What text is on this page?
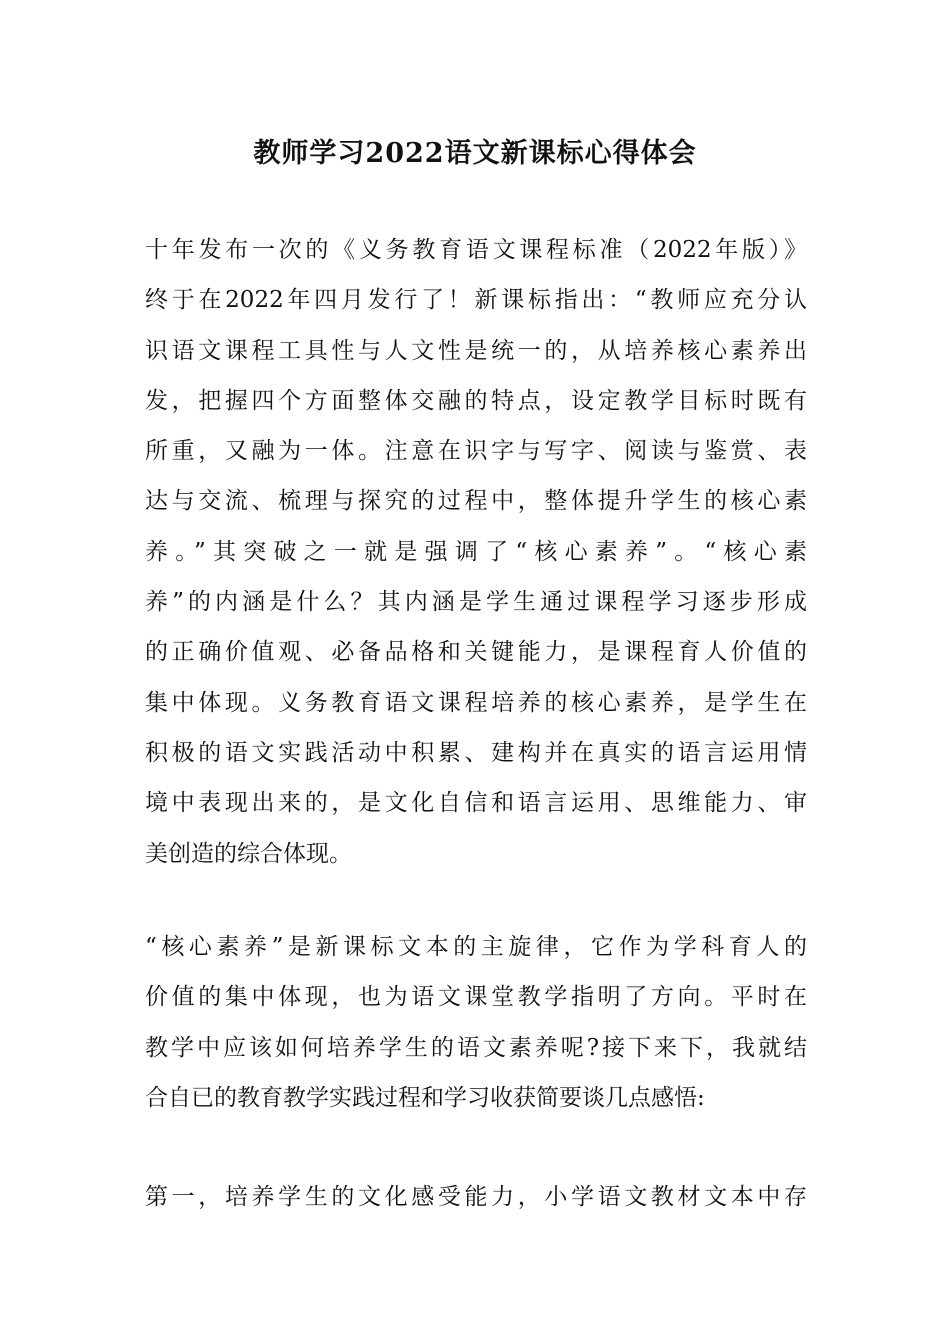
教师学习2022语文新课标心得体会
十年发布一次的《义务教育语文课程标准（2022年版）》
终于在2022年四月发行了！新课标指出：“教师应充分认
识语文课程工具性与人文性是统一的，从培养核心素养出
发，把握四个方面整体交融的特点，设定教学目标时既有
所重，又融为一体。注意在识字与写字、阅读与鉴赏、表
达与交流、梳理与探究的过程中，整体提升学生的核心素
养。”其突破之一就是强调了“核心素养”。“核心素
养”的内涵是什么？其内涵是学生通过课程学习逐步形成
的正确价值观、必备品格和关键能力，是课程育人价值的
集中体现。义务教育语文课程培养的核心素养，是学生在
积极的语文实践活动中积累、建构并在真实的语言运用情
境中表现出来的，是文化自信和语言运用、思维能力、审
美创造的综合体现。
“核心素养”是新课标文本的主旋律，它作为学科育人的
价值的集中体现，也为语文课堂教学指明了方向。平时在
教学中应该如何培养学生的语文素养呢?接下来下，我就结
合自已的教育教学实践过程和学习收获简要谈几点感悟:
第一，培养学生的文化感受能力，小学语文教材文本中存
